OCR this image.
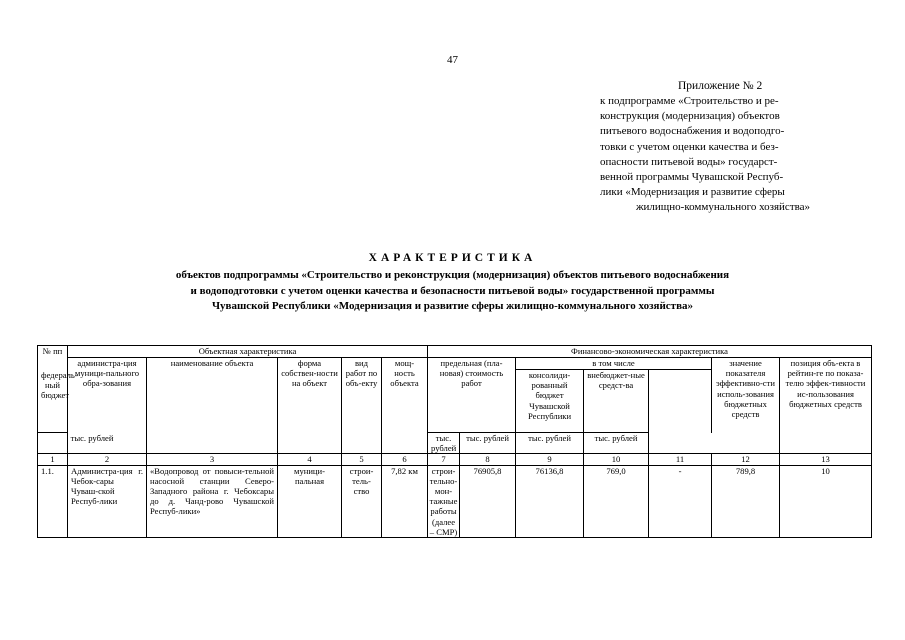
47
Приложение № 2
к подпрограмме «Строительство и ре-
конструкция (модернизация) объектов
питьевого водоснабжения и водоподго-
товки с учетом оценки качества и без-
опасности питьевой воды» государст-
венной программы Чувашской Респуб-
лики «Модернизация и развитие сферы
жилищно-коммунального хозяйства»
ХАРАКТЕРИСТИКА
объектов подпрограммы «Строительство и реконструкция (модернизация) объектов питьевого водоснабжения
и водоподготовки с учетом оценки качества и безопасности питьевой воды» государственной программы
Чувашской Республики «Модернизация и развитие сферы жилищно-коммунального хозяйства»
№ пп	Объектная характеристика					Финансово-экономическая характеристика						
	администра-ция муници-пального обра-зования	наименование объекта	форма собствен-ности на объект	вид работ по объ-екту	мощ-ность объекта	предельная (пла-новая) стоимость работ		в том числе			значение показателя эффективно-сти исполь-зования бюджетных средств	позиция объ-екта в рейтин-ге по показа-телю эффек-тивности ис-пользования бюджетных средств
федераль-ный бюджет								консолиди-рованный бюджет Чувашской Республики	внебюджет-ные средст-ва		
тыс. рублей						тыс. рублей	тыс. рублей	тыс. рублей	тыс. рублей			
1	2	3	4	5	6	7	8	9	10	11	12	13
1.1.	Администра-ция г. Чебок-сары Чуваш-ской Респуб-лики	«Водопровод от повыси-тельной насосной станции Северо-Западного района г. Чебоксары до д. Чанд-рово Чувашской Респуб-лики»	муници-пальная	строи-тель-ство	7,82 км	строи-тельно-мон-тажные работы (далее – СМР)	76905,8	76136,8	769,0	-	789,8	10
